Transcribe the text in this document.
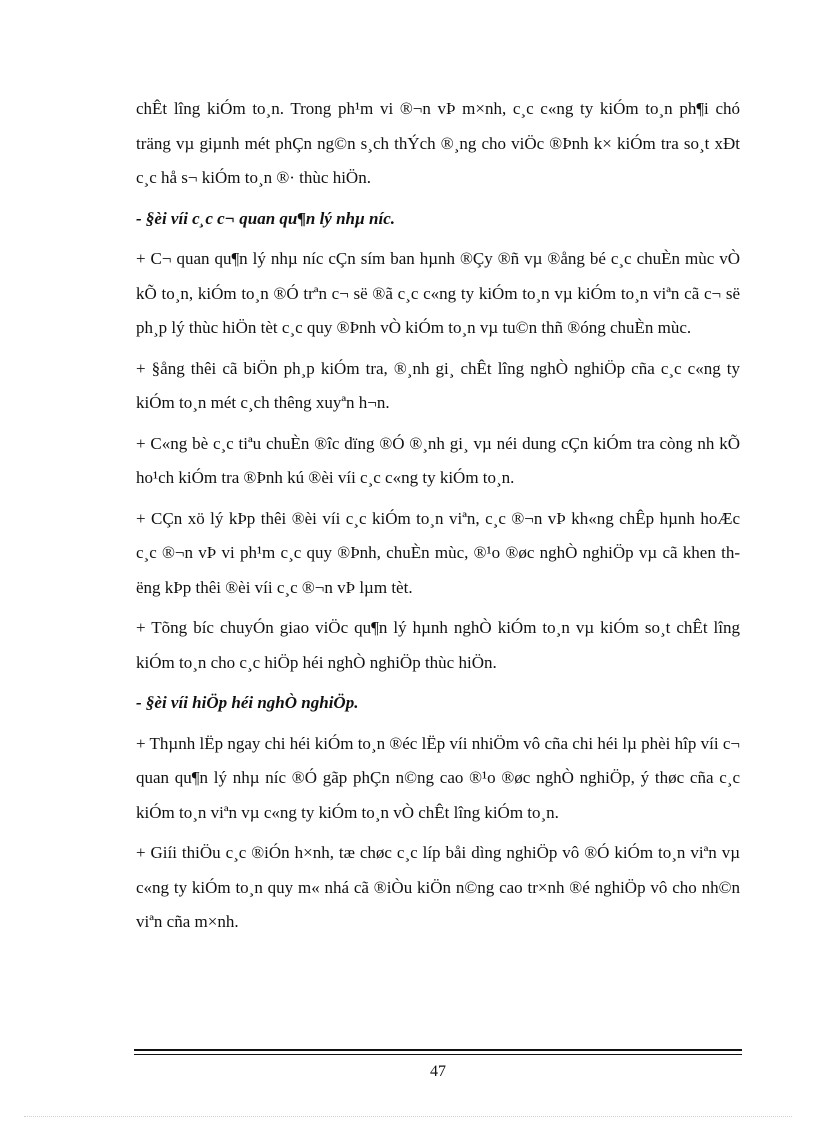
chÊt lîng kiÓm to¸n. Trong ph¹m vi ®¬n vÞ m×nh, c¸c c«ng ty kiÓm to¸n ph¶i chó träng vµ giµnh mét phÇn ng©n s¸ch thÝch ®¸ng cho viÖc ®Þnh k× kiÓm tra so¸t xÐt c¸c hå s¬ kiÓm to¸n ®· thùc hiÖn.

- §èi víi c¸c c¬ quan qu¶n lý nhµ níc.

+ C¬ quan qu¶n lý nhµ níc cÇn sím ban hµnh ®Çy ®ñ vµ ®ång bé c¸c chuÈn mùc vÒ kÕ to¸n, kiÓm to¸n ®Ó trªn c¬ së ®ã c¸c c«ng ty kiÓm to¸n vµ kiÓm to¸n viªn cã c¬ së ph¸p lý thùc hiÖn tèt c¸c quy ®Þnh vÒ kiÓm to¸n vµ tu©n thñ ®óng chuÈn mùc.

+ §ång thêi cã biÖn ph¸p kiÓm tra, ®¸nh gi¸ chÊt lîng nghÒ nghiÖp cña c¸c c«ng ty kiÓm to¸n mét c¸ch thêng xuyªn h¬n.

+ C«ng bè c¸c tiªu chuÈn ®îc dïng ®Ó ®¸nh gi¸ vµ néi dung cÇn kiÓm tra còng nh kÕ ho¹ch kiÓm tra ®Þnh kú ®èi víi c¸c c«ng ty kiÓm to¸n.

+ CÇn xö lý kÞp thêi ®èi víi c¸c kiÓm to¸n viªn, c¸c ®¬n vÞ kh«ng chÊp hµnh hoÆc c¸c ®¬n vÞ vi ph¹m c¸c quy ®Þnh, chuÈn mùc, ®¹o ®øc nghÒ nghiÖp vµ cã khen thëng kÞp thêi ®èi víi c¸c ®¬n vÞ lµm tèt.

+ Tõng bíc chuyÓn giao viÖc qu¶n lý hµnh nghÒ kiÓm to¸n vµ kiÓm so¸t chÊt lîng kiÓm to¸n cho c¸c hiÖp héi nghÒ nghiÖp thùc hiÖn.

- §èi víi hiÖp héi nghÒ nghiÖp.

+ Thµnh lËp ngay chi héi kiÓm to¸n ®éc lËp víi nhiÖm vô cña chi héi lµ phèi hîp víi c¬ quan qu¶n lý nhµ níc ®Ó gãp phÇn n©ng cao ®¹o ®øc nghÒ nghiÖp, ý thøc cña c¸c kiÓm to¸n viªn vµ c«ng ty kiÓm to¸n vÒ chÊt lîng kiÓm to¸n.

+ Giíi thiÖu c¸c ®iÓn h×nh, tæ chøc c¸c líp båi dìng nghiÖp vô ®Ó kiÓm to¸n viªn vµ c«ng ty kiÓm to¸n quy m« nhá cã ®iÒu kiÖn n©ng cao tr×nh ®é nghiÖp vô cho nh©n viªn cña m×nh.

47
